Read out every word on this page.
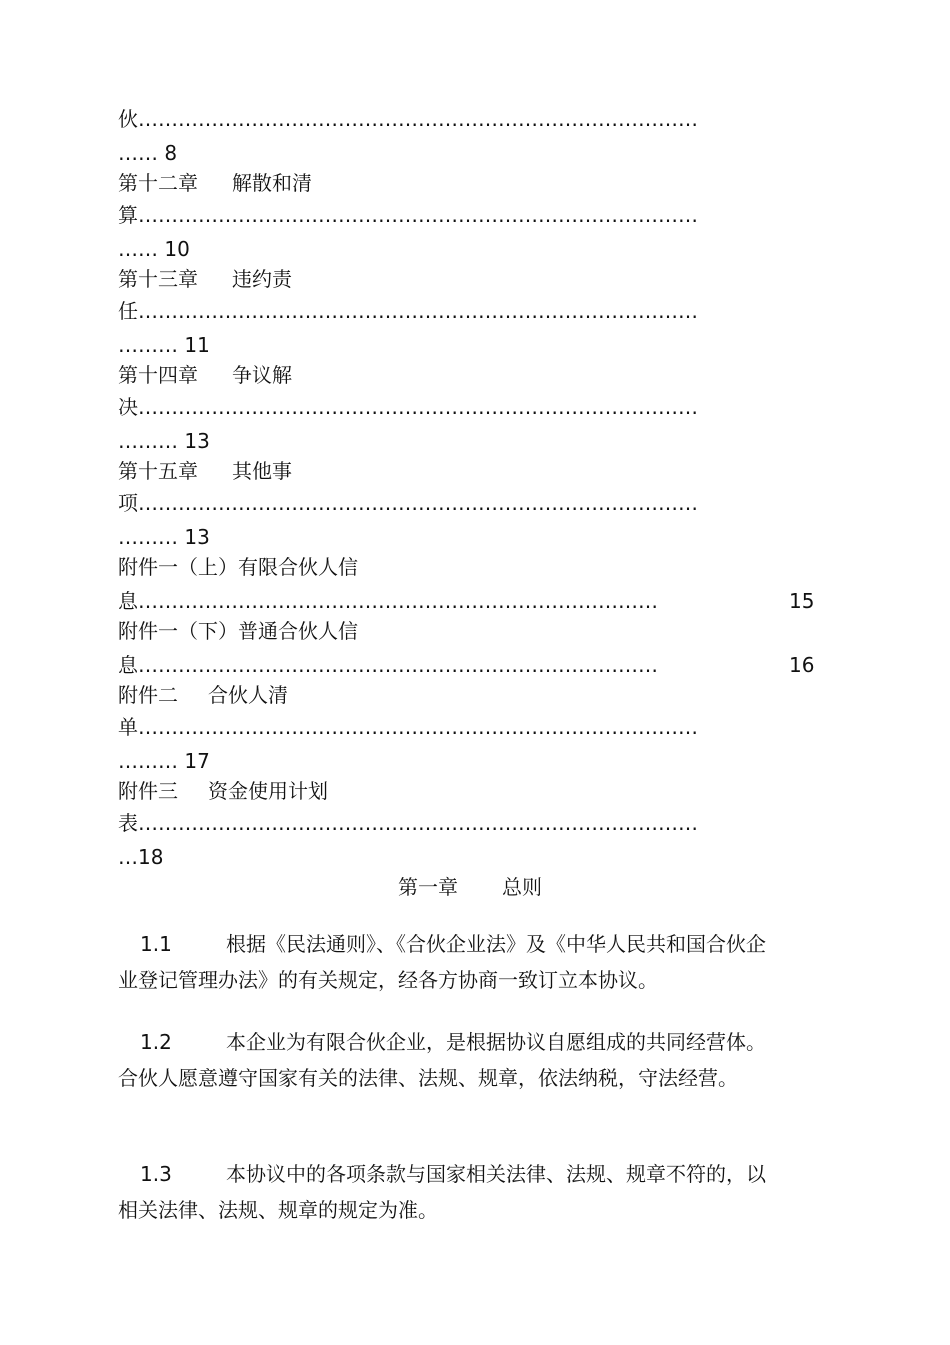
伙…………………………………………………………………………
…… 8
第十二章 解散和清
算…………………………………………………………………………
…… 10
第十三章 违约责
任…………………………………………………………………………
……… 11
第十四章 争议解
决…………………………………………………………………………
……… 13
第十五章 其他事
项…………………………………………………………………………
……… 13
附件一（上）有限合伙人信
息……………………………………………………………………	15
附件一（下）普通合伙人信
息……………………………………………………………………	16
附件二 合伙人清
单…………………………………………………………………………
……… 17
附件三 资金使用计划
表…………………………………………………………………………
…18
第一章 总则
1.1	根据《民法通则》、《合伙企业法》及《中华人民共和国合伙企业登记管理办法》的有关规定，经各方协商一致订立本协议。
1.2	本企业为有限合伙企业，是根据协议自愿组成的共同经营体。合伙人愿意遵守国家有关的法律、法规、规章，依法纳税，守法经营。
1.3	本协议中的各项条款与国家相关法律、法规、规章不符的，以相关法律、法规、规章的规定为准。
